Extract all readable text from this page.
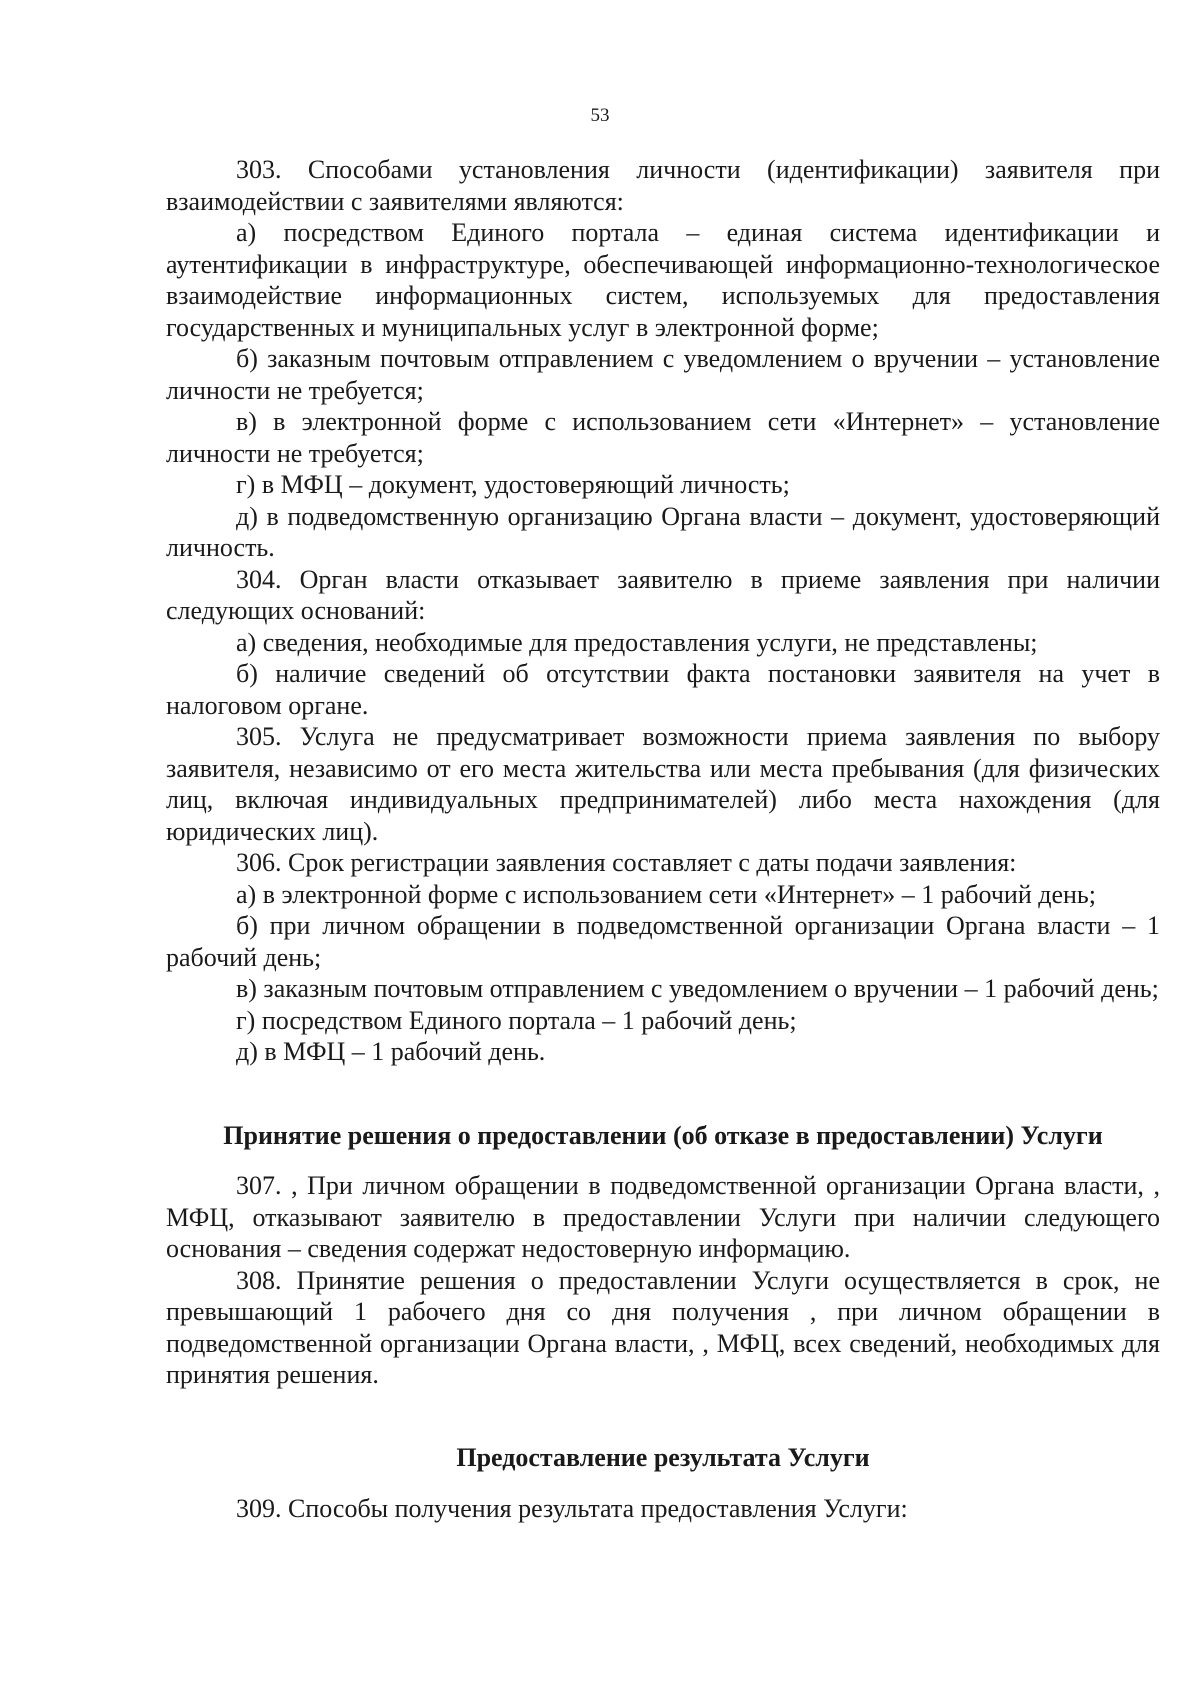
53

303. Способами установления личности (идентификации) заявителя при взаимодействии с заявителями являются:

а) посредством Единого портала – единая система идентификации и аутентификации в инфраструктуре, обеспечивающей информационно-технологическое взаимодействие информационных систем, используемых для предоставления государственных и муниципальных услуг в электронной форме;

б) заказным почтовым отправлением с уведомлением о вручении – установление личности не требуется;

в) в электронной форме с использованием сети «Интернет» – установление личности не требуется;

г) в МФЦ – документ, удостоверяющий личность;

д) в подведомственную организацию Органа власти – документ, удостоверяющий личность.

304. Орган власти отказывает заявителю в приеме заявления при наличии следующих оснований:

а) сведения, необходимые для предоставления услуги, не представлены;

б) наличие сведений об отсутствии факта постановки заявителя на учет в налоговом органе.

305. Услуга не предусматривает возможности приема заявления по выбору заявителя, независимо от его места жительства или места пребывания (для физических лиц, включая индивидуальных предпринимателей) либо места нахождения (для юридических лиц).

306. Срок регистрации заявления составляет с даты подачи заявления:

а) в электронной форме с использованием сети «Интернет» – 1 рабочий день;

б) при личном обращении в подведомственной организации Органа власти – 1 рабочий день;

в) заказным почтовым отправлением с уведомлением о вручении – 1 рабочий день;

г) посредством Единого портала – 1 рабочий день;

д) в МФЦ – 1 рабочий день.

Принятие решения о предоставлении (об отказе в предоставлении) Услуги

307. , При личном обращении в подведомственной организации Органа власти, , МФЦ, отказывают заявителю в предоставлении Услуги при наличии следующего основания – сведения содержат недостоверную информацию.

308. Принятие решения о предоставлении Услуги осуществляется в срок, не превышающий 1 рабочего дня со дня получения , при личном обращении в подведомственной организации Органа власти, , МФЦ, всех сведений, необходимых для принятия решения.

Предоставление результата Услуги

309. Способы получения результата предоставления Услуги:
